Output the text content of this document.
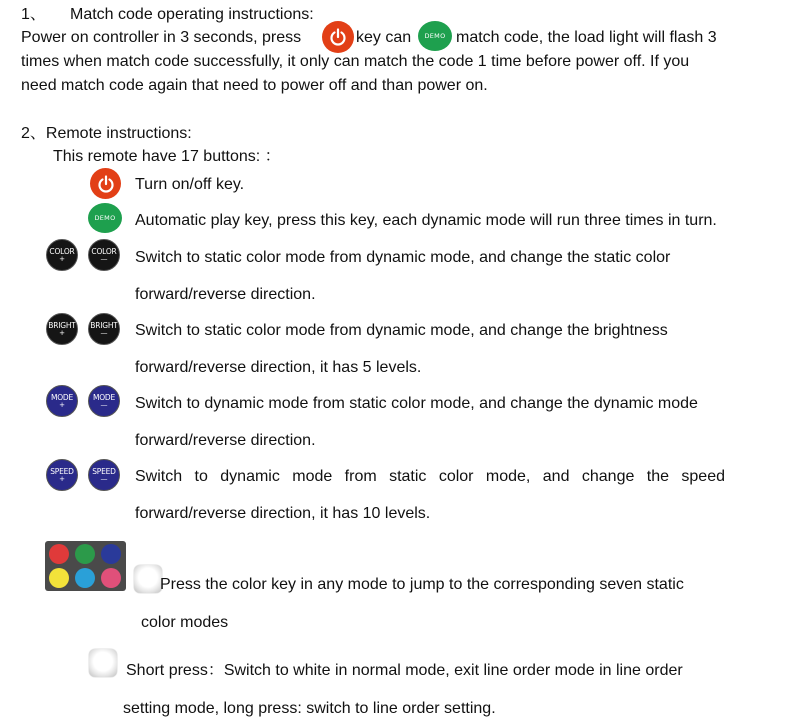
1、 Match code operating instructions:
Power on controller in 3 seconds, press	key can DEMO match code, the load light will flash 3
times when match code successfully, it only can match the code 1 time before power off. If you
need match code again that need to power off and than power on.
2、Remote instructions:
This remote have 17 buttons: ：
Turn on/off key.
DEMO Automatic play key, press this key, each dynamic mode will run three times in turn.
COLOR
+
COLOR
— Switch to static color mode from dynamic mode, and change the static color
forward/reverse direction.
BRIGHT
+
BRIGHT
— Switch to static color mode from dynamic mode, and change the brightness
forward/reverse direction, it has 5 levels.
MODE
+
MODE
— Switch to dynamic mode from static color mode, and change the dynamic mode
forward/reverse direction.
SPEED
+
SPEED
— Switch to dynamic mode from static color mode, and change the speed
forward/reverse direction, it has 10 levels.
Press the color key in any mode to jump to the corresponding seven static
color modes
Short press：Switch to white in normal mode, exit line order mode in line order
setting mode, long press: switch to line order setting.
